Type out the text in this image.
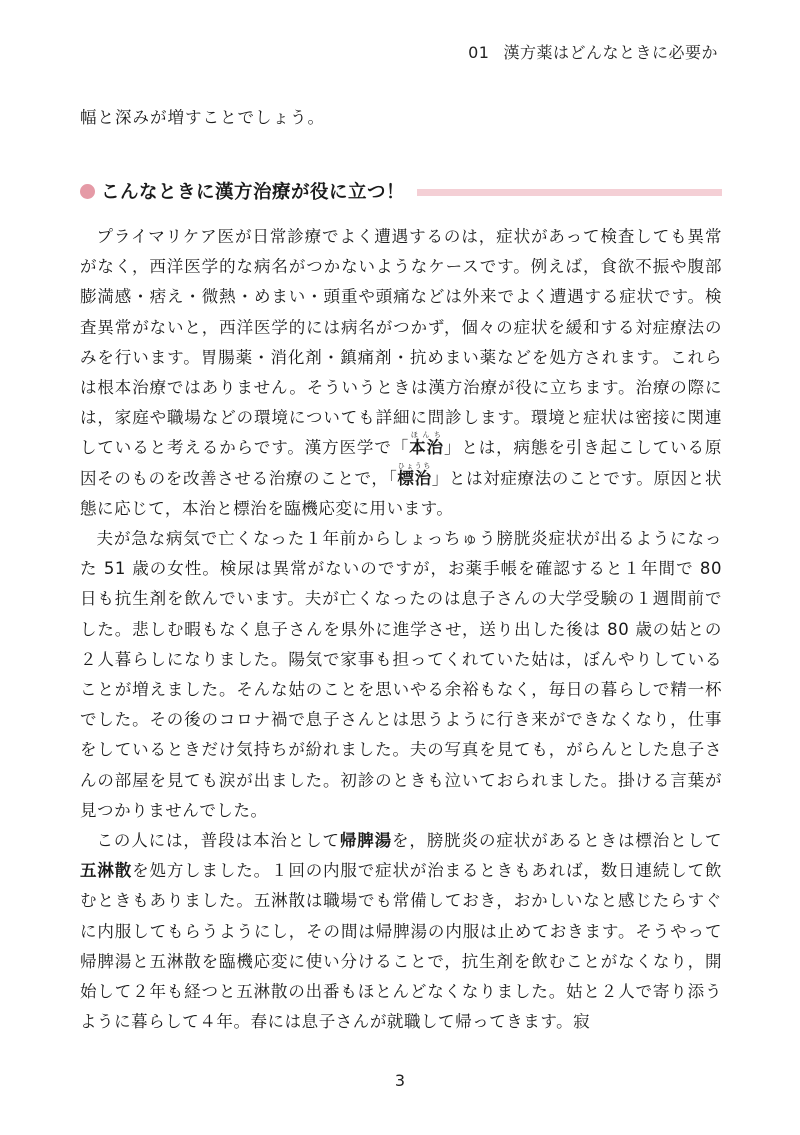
01 漢方薬はどんなときに必要か
幅と深みが増すことでしょう。
こんなときに漢方治療が役に立つ！

プライマリケア医が日常診療でよく遭遇するのは，症状があって検査しても異常がなく，西洋医学的な病名がつかないようなケースです。例えば，食欲不振や腹部膨満感・痞え・微熱・めまい・頭重や頭痛などは外来でよく遭遇する症状です。検査異常がないと，西洋医学的には病名がつかず，個々の症状を緩和する対症療法のみを行います。胃腸薬・消化剤・鎮痛剤・抗めまい薬などを処方されます。これらは根本治療ではありません。そういうときは漢方治療が役に立ちます。治療の際には，家庭や職場などの環境についても詳細に問診します。環境と症状は密接に関連していると考えるからです。漢方医学で「本治ほんち」とは，病態を引き起こしている原因そのものを改善させる治療のことで，「標治ひょうち」とは対症療法のことです。原因と状態に応じて，本治と標治を臨機応変に用います。

夫が急な病気で亡くなった１年前からしょっちゅう膀胱炎症状が出るようになった 51 歳の女性。検尿は異常がないのですが，お薬手帳を確認すると１年間で 80 日も抗生剤を飲んでいます。夫が亡くなったのは息子さんの大学受験の１週間前でした。悲しむ暇もなく息子さんを県外に進学させ，送り出した後は 80 歳の姑との２人暮らしになりました。陽気で家事も担ってくれていた姑は，ぼんやりしていることが増えました。そんな姑のことを思いやる余裕もなく，毎日の暮らしで精一杯でした。その後のコロナ禍で息子さんとは思うように行き来ができなくなり，仕事をしているときだけ気持ちが紛れました。夫の写真を見ても，がらんとした息子さんの部屋を見ても涙が出ました。初診のときも泣いておられました。掛ける言葉が見つかりませんでした。

この人には，普段は本治として帰脾湯を，膀胱炎の症状があるときは標治として五淋散を処方しました。１回の内服で症状が治まるときもあれば，数日連続して飲むときもありました。五淋散は職場でも常備しておき，おかしいなと感じたらすぐに内服してもらうようにし，その間は帰脾湯の内服は止めておきます。そうやって帰脾湯と五淋散を臨機応変に使い分けることで，抗生剤を飲むことがなくなり，開始して２年も経つと五淋散の出番もほとんどなくなりました。姑と２人で寄り添うように暮らして４年。春には息子さんが就職して帰ってきます。寂

3
